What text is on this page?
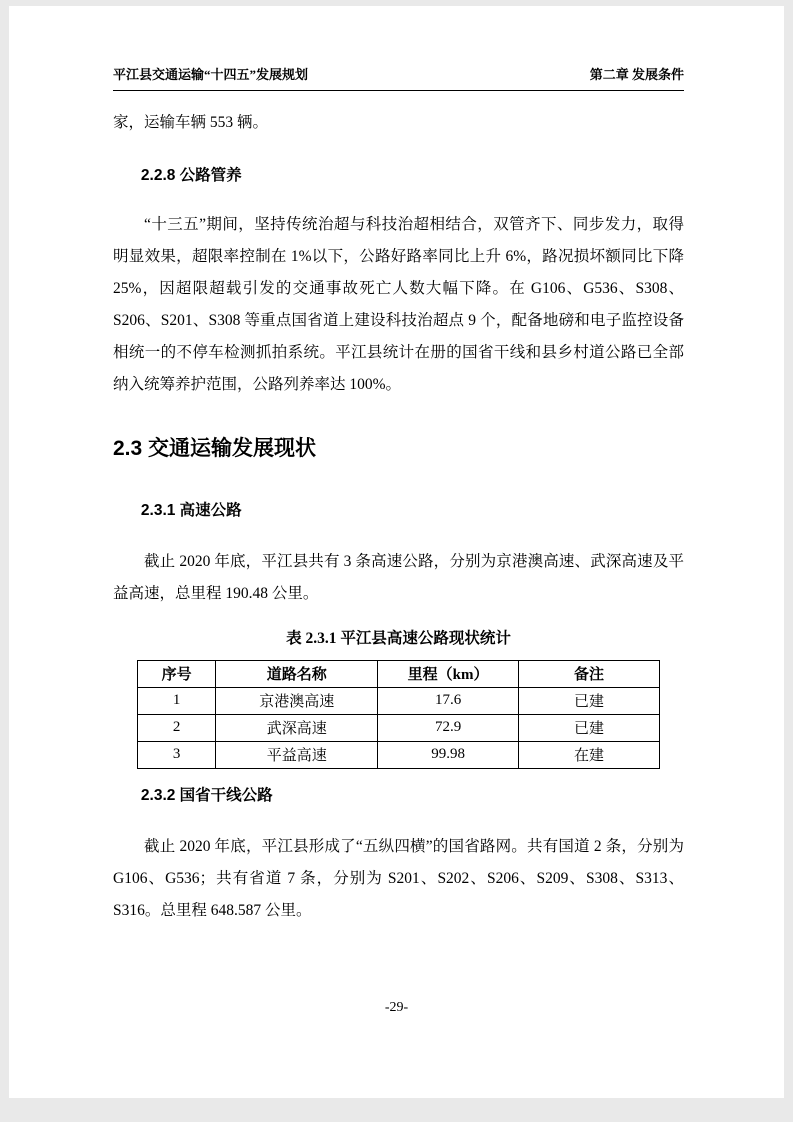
平江县交通运输“十四五”发展规划	第二章 发展条件

家，运输车辆 553 辆。

2.2.8 公路管养

“十三五”期间，坚持传统治超与科技治超相结合，双管齐下、同步发力，取得明显效果，超限率控制在 1%以下，公路好路率同比上升 6%，路况损坏额同比下降25%，因超限超载引发的交通事故死亡人数大幅下降。在 G106、G536、S308、S206、S201、S308 等重点国省道上建设科技治超点 9 个，配备地磅和电子监控设备相统一的不停车检测抓拍系统。平江县统计在册的国省干线和县乡村道公路已全部纳入统筹养护范围，公路列养率达 100%。

2.3 交通运输发展现状
2.3.1 高速公路

截止 2020 年底，平江县共有 3 条高速公路，分别为京港澳高速、武深高速及平益高速，总里程 190.48 公里。

表 2.3.1 平江县高速公路现状统计
序号	道路名称	里程（km）	备注
1	京港澳高速	17.6	已建
2	武深高速	72.9	已建
3	平益高速	99.98	在建
2.3.2 国省干线公路

截止 2020 年底，平江县形成了“五纵四横”的国省路网。共有国道 2 条，分别为 G106、G536；共有省道 7 条，分别为 S201、S202、S206、S209、S308、S313、S316。总里程 648.587 公里。

-29-
